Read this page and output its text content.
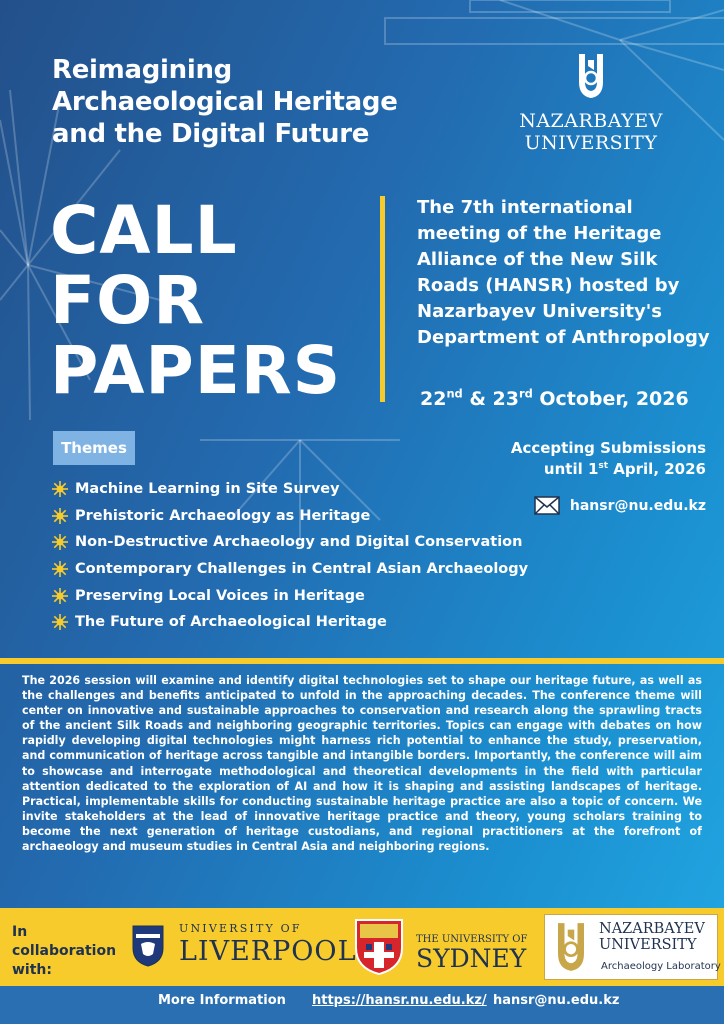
Reimagining Archaeological Heritage and the Digital Future
CALL
FOR
PAPERS
NAZARBAYEV
UNIVERSITY
The 7th international meeting of the Heritage Alliance of the New Silk Roads (HANSR) hosted by Nazarbayev University's Department of Anthropology
22nd & 23rd October, 2026
Themes
Machine Learning in Site Survey
Prehistoric Archaeology as Heritage
Non-Destructive Archaeology and Digital Conservation
Contemporary Challenges in Central Asian Archaeology
Preserving Local Voices in Heritage
The Future of Archaeological Heritage
Accepting Submissions
until 1st April, 2026
hansr@nu.edu.kz
The 2026 session will examine and identify digital technologies set to shape our heritage future, as well as the challenges and benefits anticipated to unfold in the approaching decades. The conference theme will center on innovative and sustainable approaches to conservation and research along the sprawling tracts of the ancient Silk Roads and neighboring geographic territories. Topics can engage with debates on how rapidly developing digital technologies might harness rich potential to enhance the study, preservation, and communication of heritage across tangible and intangible borders. Importantly, the conference will aim to showcase and interrogate methodological and theoretical developments in the field with particular attention dedicated to the exploration of AI and how it is shaping and assisting landscapes of heritage. Practical, implementable skills for conducting sustainable heritage practice are also a topic of concern. We invite stakeholders at the lead of innovative heritage practice and theory, young scholars training to become the next generation of heritage custodians, and regional practitioners at the forefront of archaeology and museum studies in Central Asia and neighboring regions.
In collaboration with:
UNIVERSITY OF
LIVERPOOL	THE UNIVERSITY OF
SYDNEY
NAZARBAYEV
UNIVERSITY
Archaeology Laboratory
More Information https://hansr.nu.edu.kz/ hansr@nu.edu.kz
